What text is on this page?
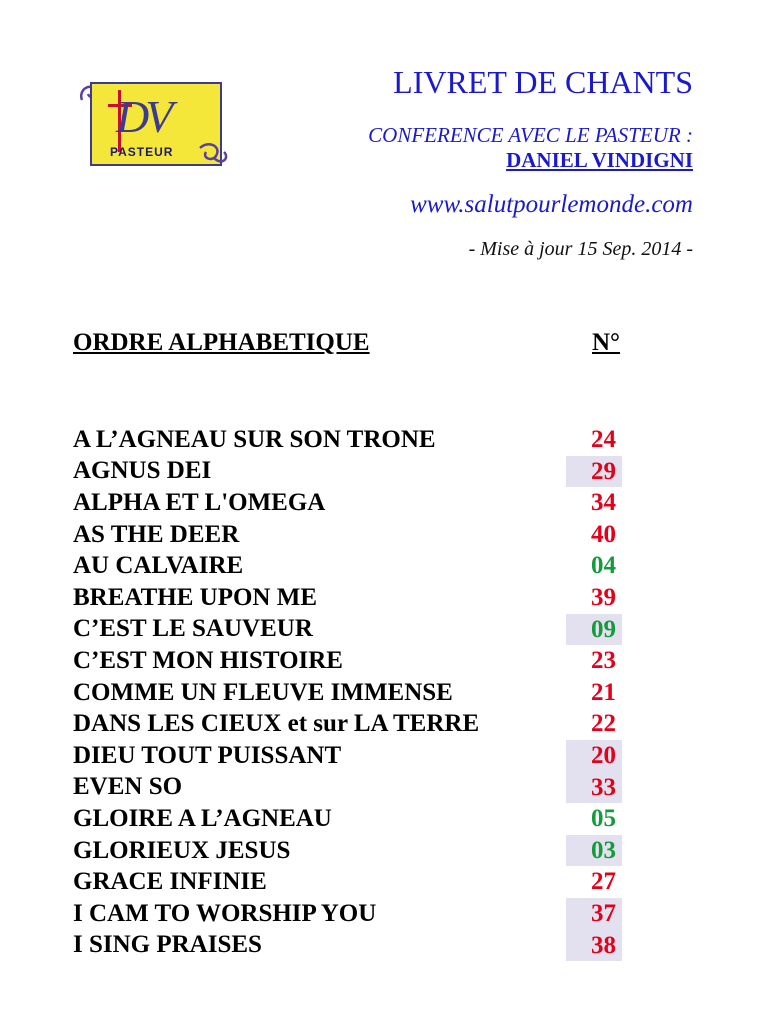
DV
PASTEUR
LIVRET DE CHANTS
CONFERENCE AVEC LE PASTEUR :
DANIEL VINDIGNI
www.salutpourlemonde.com
- Mise à jour 15 Sep. 2014 -
ORDRE ALPHABETIQUE	N°
A L’AGNEAU SUR SON TRONE	24
AGNUS DEI	29
ALPHA ET L'OMEGA	34
AS THE DEER	40
AU CALVAIRE	04
BREATHE UPON ME	39
C’EST LE SAUVEUR	09
C’EST MON HISTOIRE	23
COMME UN FLEUVE IMMENSE	21
DANS LES CIEUX et sur LA TERRE	22
DIEU TOUT PUISSANT	20
EVEN SO	33
GLOIRE A L’AGNEAU	05
GLORIEUX JESUS	03
GRACE INFINIE	27
I CAM TO WORSHIP YOU	37
I SING PRAISES	38
